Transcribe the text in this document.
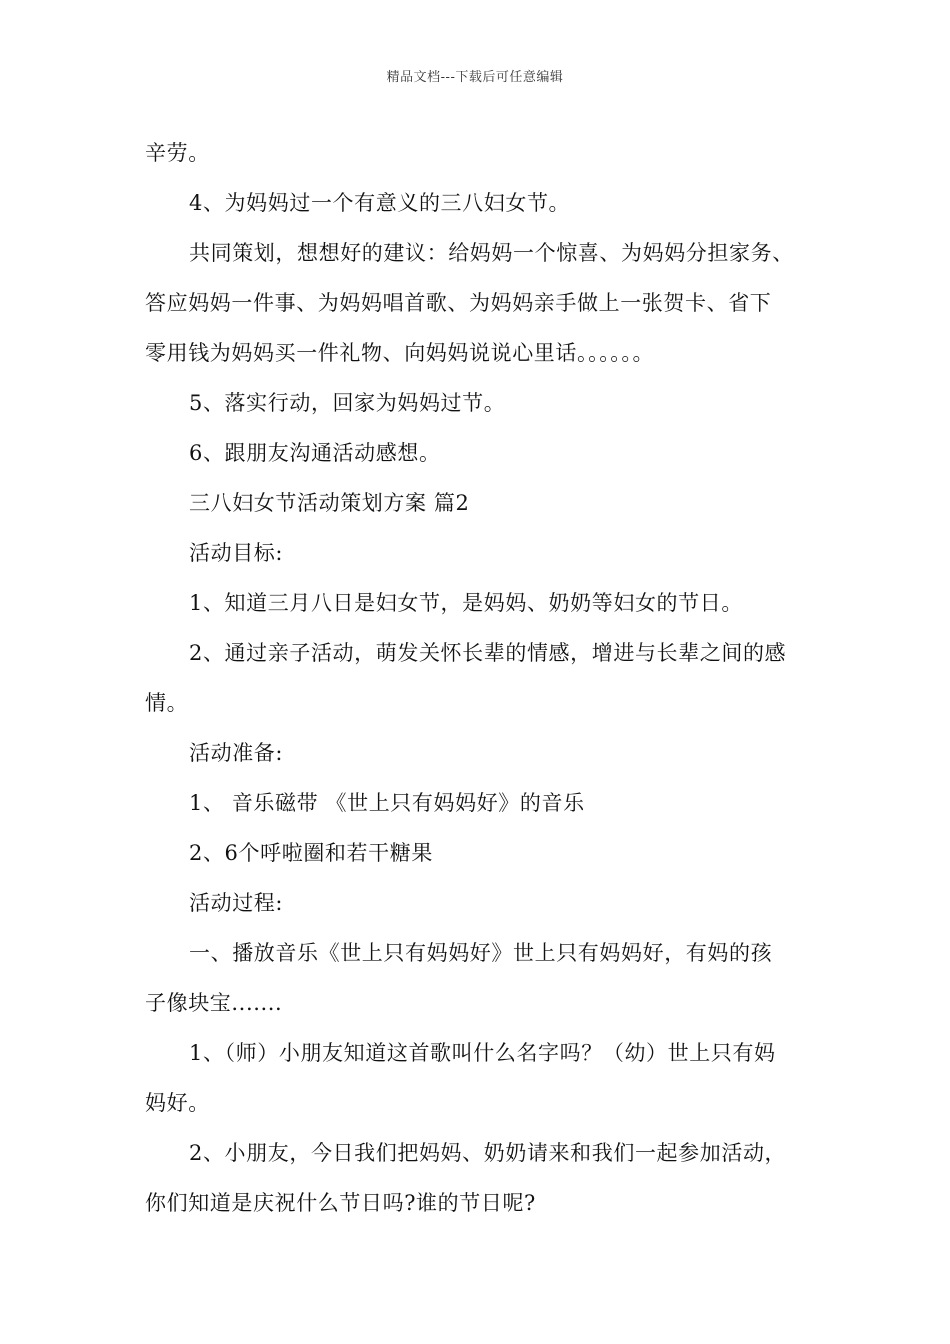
精品文档---下载后可任意编辑
辛劳。
4、为妈妈过一个有意义的三八妇女节。
共同策划，想想好的建议：给妈妈一个惊喜、为妈妈分担家务、
答应妈妈一件事、为妈妈唱首歌、为妈妈亲手做上一张贺卡、省下
零用钱为妈妈买一件礼物、向妈妈说说心里话。。。。。。
5、落实行动，回家为妈妈过节。
6、跟朋友沟通活动感想。
三八妇女节活动策划方案 篇2
活动目标:
1、知道三月八日是妇女节，是妈妈、奶奶等妇女的节日。
2、通过亲子活动，萌发关怀长辈的情感，增进与长辈之间的感
情。
活动准备:
1、 音乐磁带 《世上只有妈妈好》的音乐
2、6个呼啦圈和若干糖果
活动过程:
一、播放音乐《世上只有妈妈好》世上只有妈妈好，有妈的孩
子像块宝.......
1、（师）小朋友知道这首歌叫什么名字吗？（幼）世上只有妈
妈好。
2、小朋友，今日我们把妈妈、奶奶请来和我们一起参加活动，
你们知道是庆祝什么节日吗?谁的节日呢?
